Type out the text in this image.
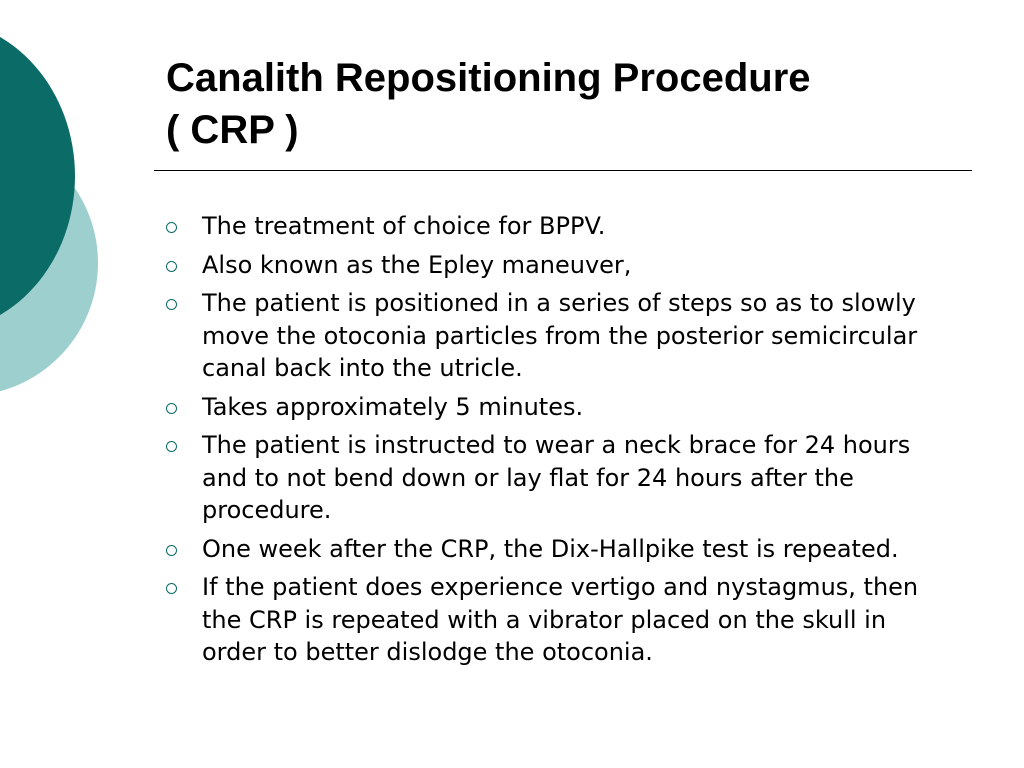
Canalith Repositioning Procedure
( CRP )
The treatment of choice for BPPV.
Also known as the Epley maneuver,
The patient is positioned in a series of steps so as to slowly move the otoconia particles from the posterior semicircular canal back into the utricle.
Takes approximately 5 minutes.
The patient is instructed to wear a neck brace for 24 hours and to not bend down or lay flat for 24 hours after the procedure.
One week after the CRP, the Dix-Hallpike test is repeated.
If the patient does experience vertigo and nystagmus, then the CRP is repeated with a vibrator placed on the skull in order to better dislodge the otoconia.
